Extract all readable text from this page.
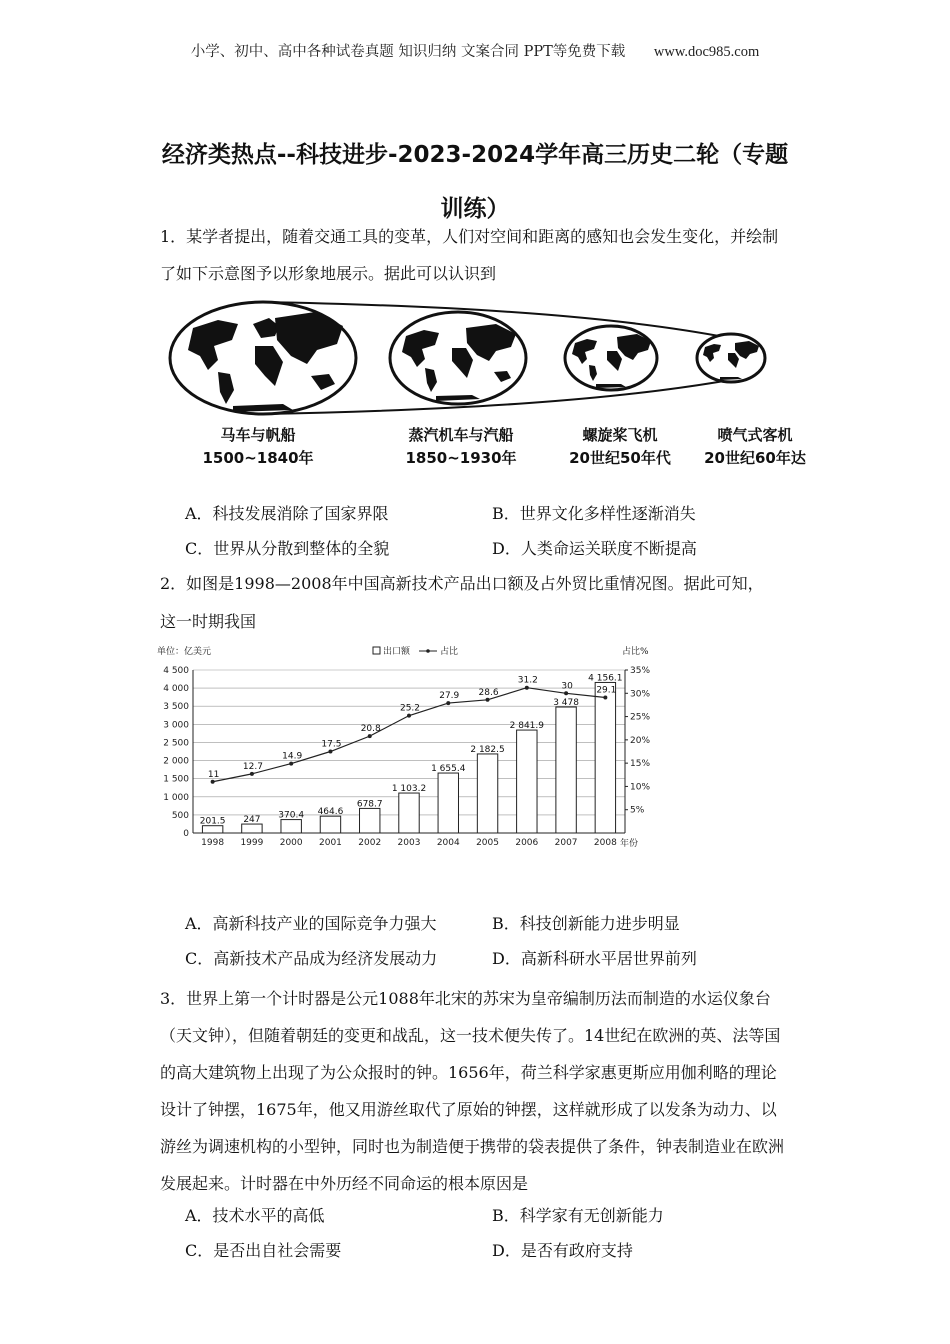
小学、初中、高中各种试卷真题 知识归纳 文案合同 PPT等免费下载 www.doc985.com
经济类热点--科技进步-2023-2024学年高三历史二轮（专题
训练）
1．某学者提出，随着交通工具的变革，人们对空间和距离的感知也会发生变化，并绘制了如下示意图予以形象地展示。据此可以认识到
马车与帆船
1500~1840年
蒸汽机车与汽船
1850~1930年
螺旋桨飞机
20世纪50年代
喷气式客机
20世纪60年达
A．科技发展消除了国家界限	B．世界文化多样性逐渐消失
C．世界从分散到整体的全貌	D．人类命运关联度不断提高
2．如图是1998—2008年中国高新技术产品出口额及占外贸比重情况图。据此可知，
这一时期我国
单位：亿美元	出口额	占比	占比%
年份
0
500
1 000
1 500
2 000
2 500
3 000
3 500
4 000
4 500
5%
10%
15%
20%
25%
30%
35%
201.5
1998
247
1999
370.4
2000
464.6
2001
678.7
2002
1 103.2
2003
1 655.4
2004
2 182.5
2005
2 841.9
2006
3 478
2007
4 156.1
2008
11
12.7
14.9
17.5
20.8
25.2
27.9 28.6
31.2
30	29.1
A．高新科技产业的国际竞争力强大	B．科技创新能力进步明显
C．高新技术产品成为经济发展动力	D．高新科研水平居世界前列
3．世界上第一个计时器是公元1088年北宋的苏宋为皇帝编制历法而制造的水运仪象台（天文钟），但随着朝廷的变更和战乱，这一技术便失传了。14世纪在欧洲的英、法等国的高大建筑物上出现了为公众报时的钟。1656年，荷兰科学家惠更斯应用伽利略的理论设计了钟摆，1675年，他又用游丝取代了原始的钟摆，这样就形成了以发条为动力、以游丝为调速机构的小型钟，同时也为制造便于携带的袋表提供了条件，钟表制造业在欧洲发展起来。计时器在中外历经不同命运的根本原因是
A．技术水平的高低	B．科学家有无创新能力
C．是否出自社会需要	D．是否有政府支持
